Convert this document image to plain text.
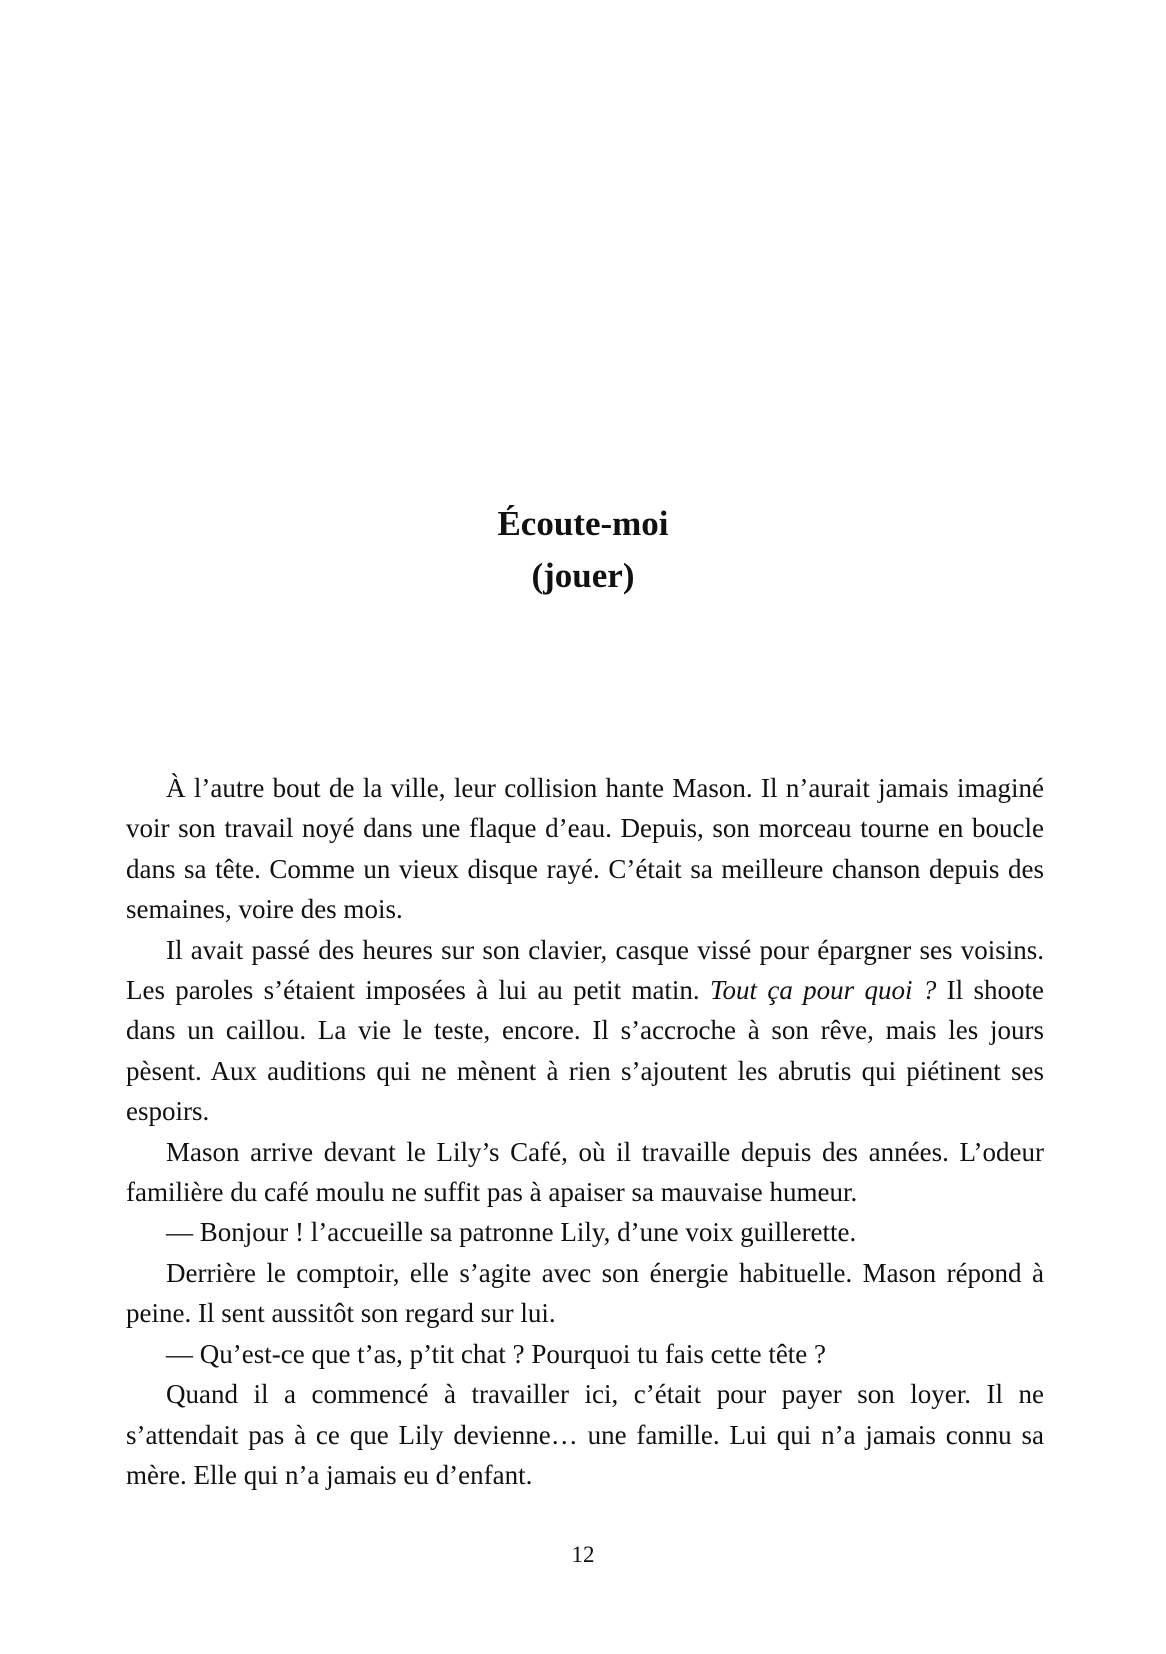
Écoute-moi
(jouer)

À l’autre bout de la ville, leur collision hante Mason. Il n’aurait jamais imaginé voir son travail noyé dans une flaque d’eau. Depuis, son morceau tourne en boucle dans sa tête. Comme un vieux disque rayé. C’était sa meilleure chanson depuis des semaines, voire des mois.

Il avait passé des heures sur son clavier, casque vissé pour épargner ses voisins. Les paroles s’étaient imposées à lui au petit matin. Tout ça pour quoi ? Il shoote dans un caillou. La vie le teste, encore. Il s’accroche à son rêve, mais les jours pèsent. Aux auditions qui ne mènent à rien s’ajoutent les abrutis qui piétinent ses espoirs.

Mason arrive devant le Lily’s Café, où il travaille depuis des années. L’odeur familière du café moulu ne suffit pas à apaiser sa mauvaise humeur.

— Bonjour ! l’accueille sa patronne Lily, d’une voix guillerette.

Derrière le comptoir, elle s’agite avec son énergie habituelle. Mason répond à peine. Il sent aussitôt son regard sur lui.

— Qu’est-ce que t’as, p’tit chat ? Pourquoi tu fais cette tête ?

Quand il a commencé à travailler ici, c’était pour payer son loyer. Il ne s’attendait pas à ce que Lily devienne… une famille. Lui qui n’a jamais connu sa mère. Elle qui n’a jamais eu d’enfant.

12
